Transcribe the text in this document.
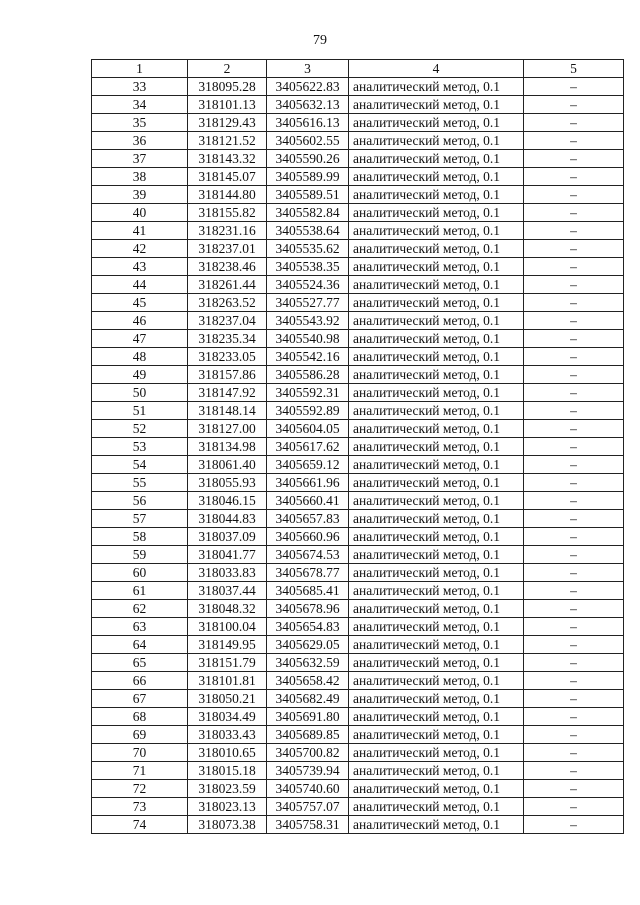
79
1	2	3	4	5
33	318095.28	3405622.83	аналитический метод, 0.1	–
34	318101.13	3405632.13	аналитический метод, 0.1	–
35	318129.43	3405616.13	аналитический метод, 0.1	–
36	318121.52	3405602.55	аналитический метод, 0.1	–
37	318143.32	3405590.26	аналитический метод, 0.1	–
38	318145.07	3405589.99	аналитический метод, 0.1	–
39	318144.80	3405589.51	аналитический метод, 0.1	–
40	318155.82	3405582.84	аналитический метод, 0.1	–
41	318231.16	3405538.64	аналитический метод, 0.1	–
42	318237.01	3405535.62	аналитический метод, 0.1	–
43	318238.46	3405538.35	аналитический метод, 0.1	–
44	318261.44	3405524.36	аналитический метод, 0.1	–
45	318263.52	3405527.77	аналитический метод, 0.1	–
46	318237.04	3405543.92	аналитический метод, 0.1	–
47	318235.34	3405540.98	аналитический метод, 0.1	–
48	318233.05	3405542.16	аналитический метод, 0.1	–
49	318157.86	3405586.28	аналитический метод, 0.1	–
50	318147.92	3405592.31	аналитический метод, 0.1	–
51	318148.14	3405592.89	аналитический метод, 0.1	–
52	318127.00	3405604.05	аналитический метод, 0.1	–
53	318134.98	3405617.62	аналитический метод, 0.1	–
54	318061.40	3405659.12	аналитический метод, 0.1	–
55	318055.93	3405661.96	аналитический метод, 0.1	–
56	318046.15	3405660.41	аналитический метод, 0.1	–
57	318044.83	3405657.83	аналитический метод, 0.1	–
58	318037.09	3405660.96	аналитический метод, 0.1	–
59	318041.77	3405674.53	аналитический метод, 0.1	–
60	318033.83	3405678.77	аналитический метод, 0.1	–
61	318037.44	3405685.41	аналитический метод, 0.1	–
62	318048.32	3405678.96	аналитический метод, 0.1	–
63	318100.04	3405654.83	аналитический метод, 0.1	–
64	318149.95	3405629.05	аналитический метод, 0.1	–
65	318151.79	3405632.59	аналитический метод, 0.1	–
66	318101.81	3405658.42	аналитический метод, 0.1	–
67	318050.21	3405682.49	аналитический метод, 0.1	–
68	318034.49	3405691.80	аналитический метод, 0.1	–
69	318033.43	3405689.85	аналитический метод, 0.1	–
70	318010.65	3405700.82	аналитический метод, 0.1	–
71	318015.18	3405739.94	аналитический метод, 0.1	–
72	318023.59	3405740.60	аналитический метод, 0.1	–
73	318023.13	3405757.07	аналитический метод, 0.1	–
74	318073.38	3405758.31	аналитический метод, 0.1	–
